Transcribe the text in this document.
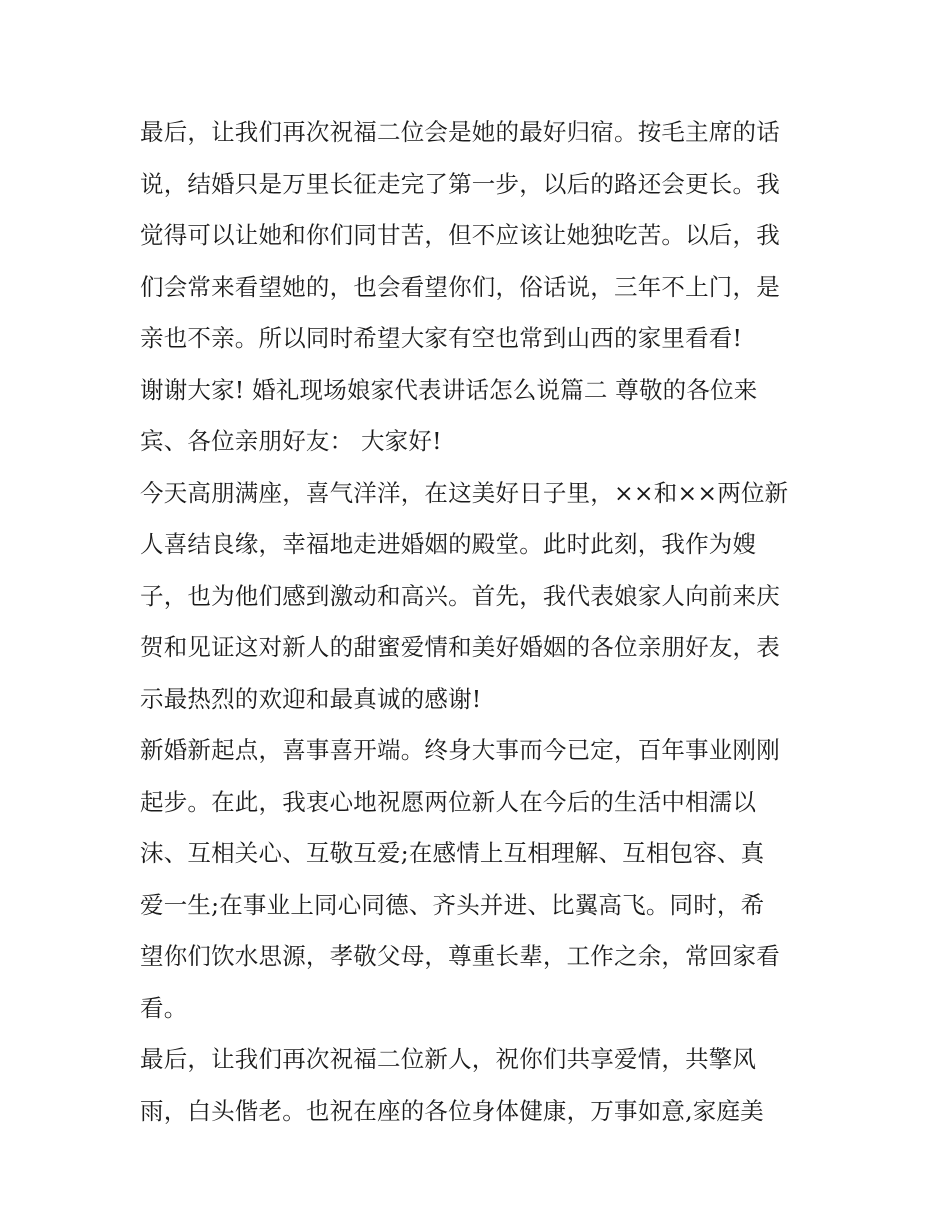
最后，让我们再次祝福二位会是她的最好归宿。按毛主席的话
说，结婚只是万里长征走完了第一步，以后的路还会更长。我
觉得可以让她和你们同甘苦，但不应该让她独吃苦。以后，我
们会常来看望她的，也会看望你们，俗话说，三年不上门，是
亲也不亲。所以同时希望大家有空也常到山西的家里看看!
谢谢大家! 婚礼现场娘家代表讲话怎么说篇二 尊敬的各位来
宾、各位亲朋好友： 大家好!
今天高朋满座，喜气洋洋，在这美好日子里，××和××两位新
人喜结良缘，幸福地走进婚姻的殿堂。此时此刻，我作为嫂
子，也为他们感到激动和高兴。首先，我代表娘家人向前来庆
贺和见证这对新人的甜蜜爱情和美好婚姻的各位亲朋好友，表
示最热烈的欢迎和最真诚的感谢!
新婚新起点，喜事喜开端。终身大事而今已定，百年事业刚刚
起步。在此，我衷心地祝愿两位新人在今后的生活中相濡以
沫、互相关心、互敬互爱;在感情上互相理解、互相包容、真
爱一生;在事业上同心同德、齐头并进、比翼高飞。同时，希
望你们饮水思源，孝敬父母，尊重长辈，工作之余，常回家看
看。
最后，让我们再次祝福二位新人，祝你们共享爱情，共擎风
雨，白头偕老。也祝在座的各位身体健康，万事如意,家庭美
